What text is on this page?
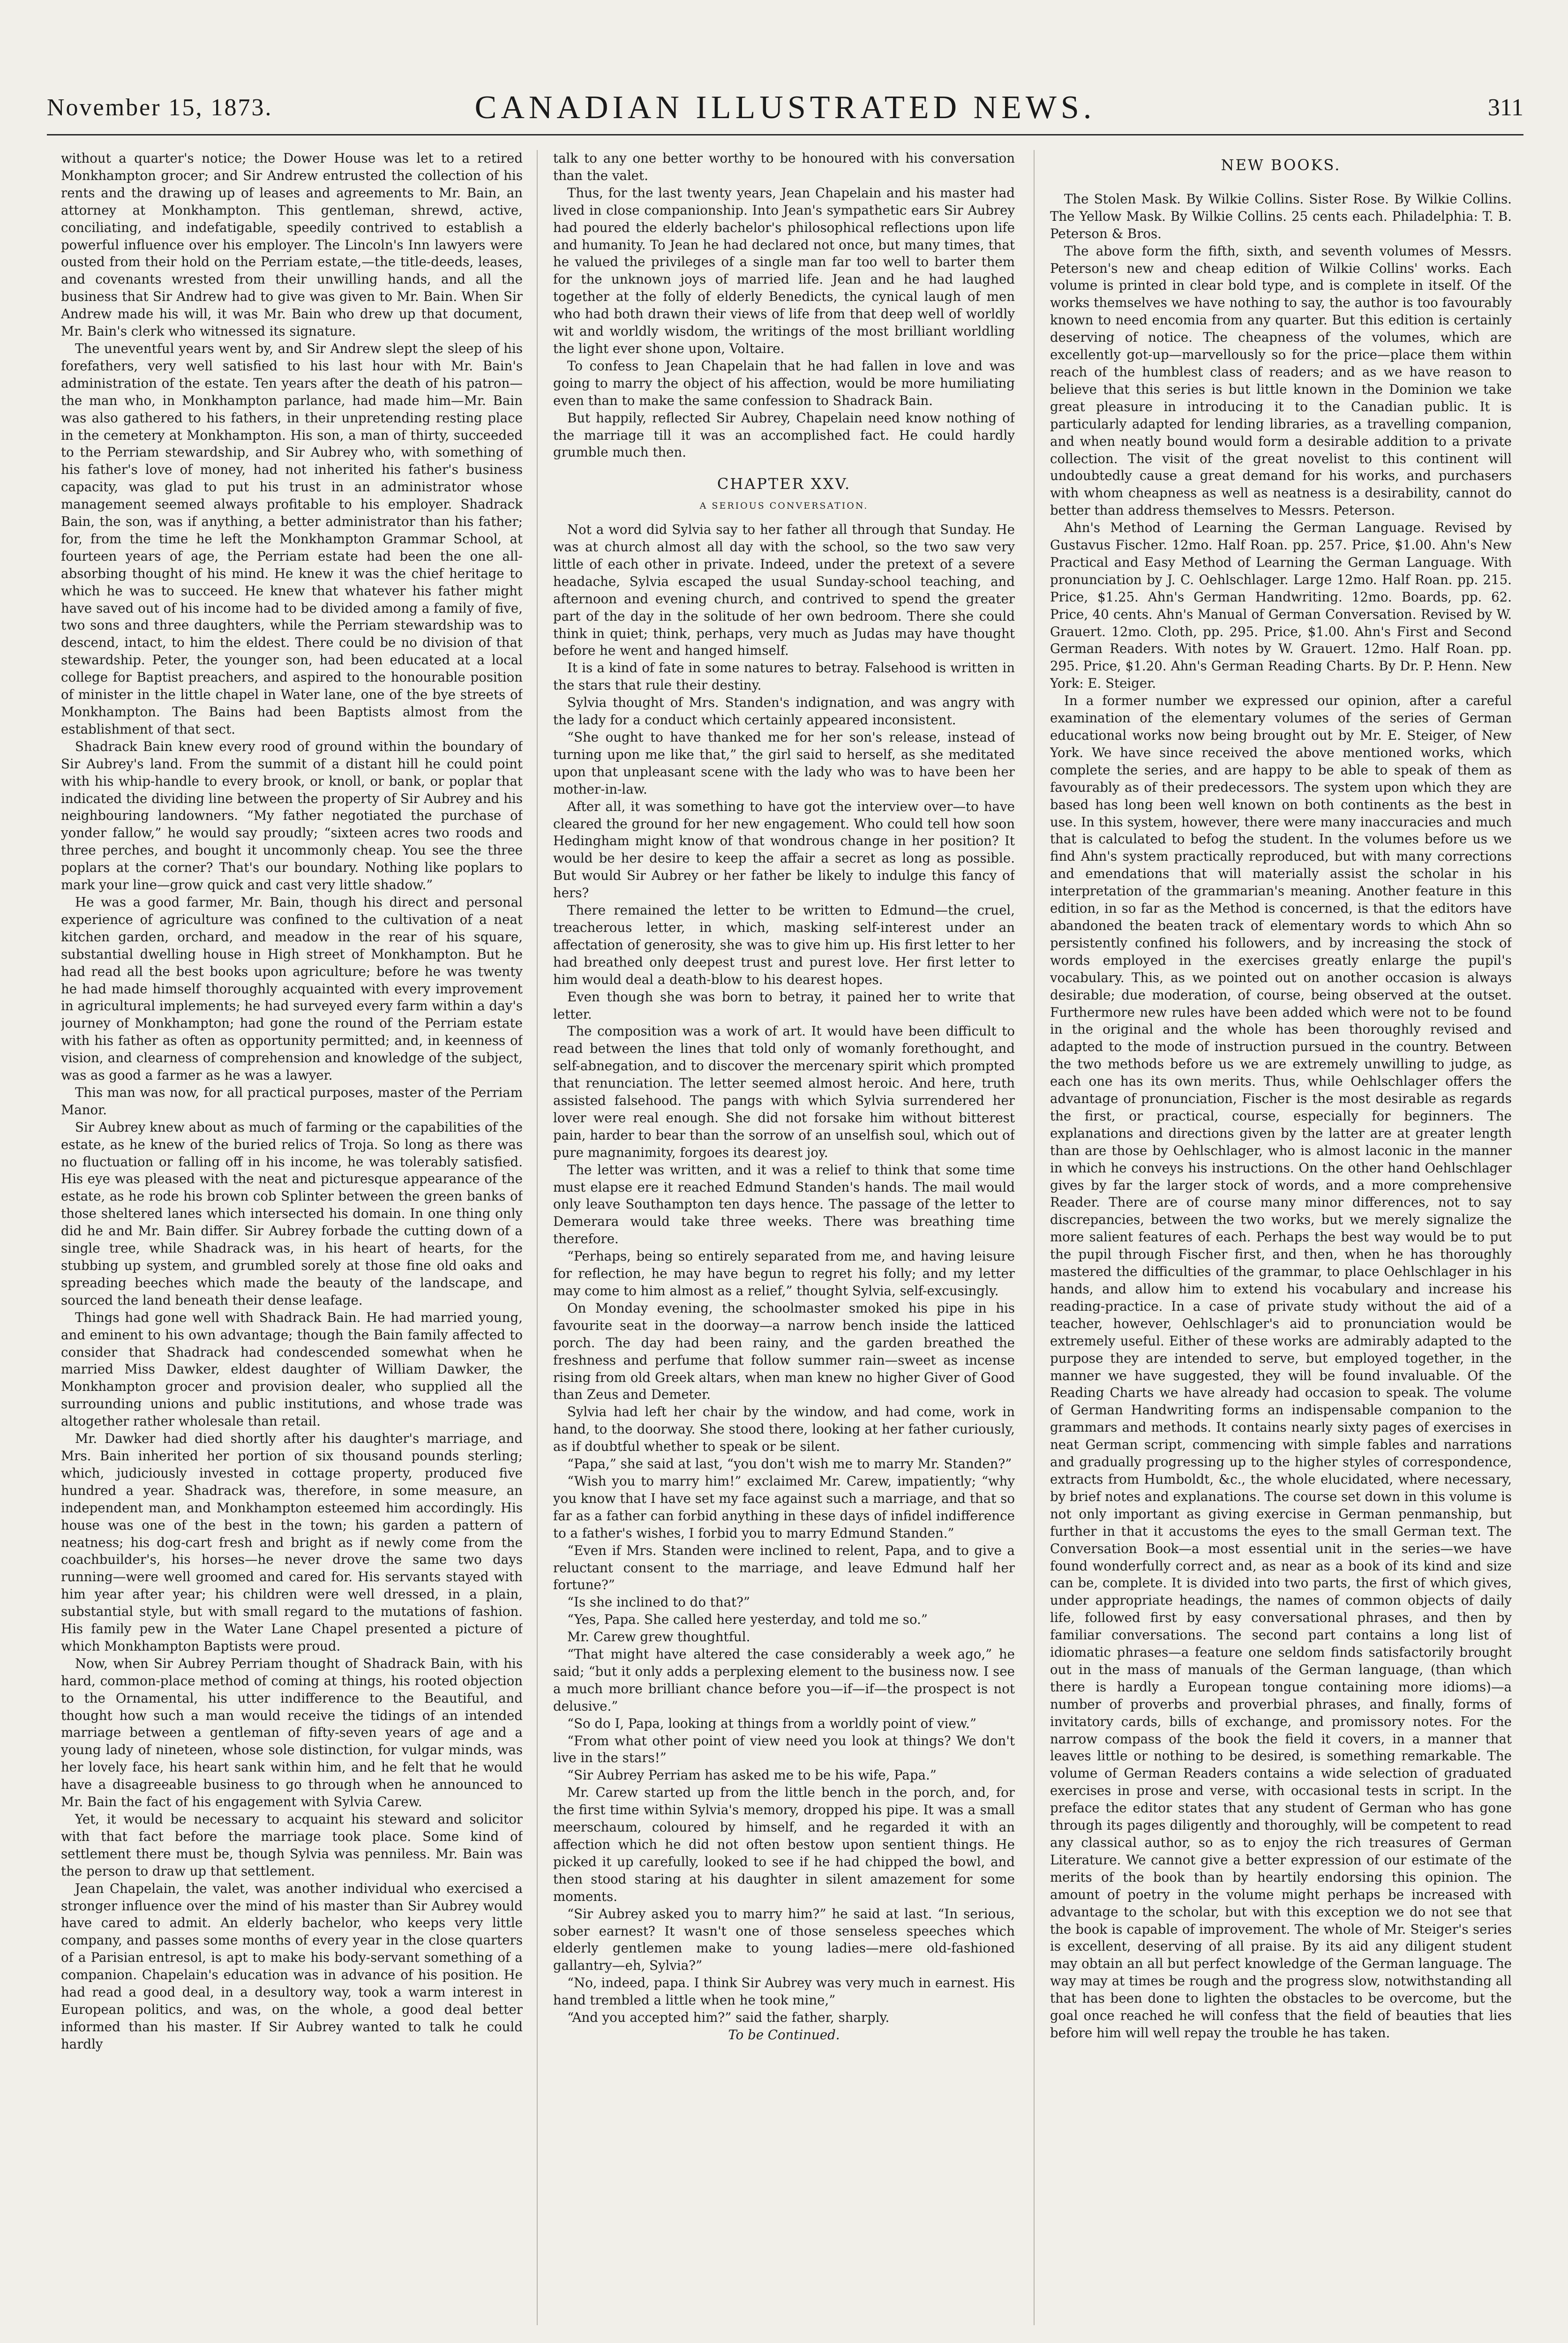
November 15, 1873.	CANADIAN ILLUSTRATED NEWS.	311

without a quarter's notice; the Dower House was let to a retired Monkhampton grocer; and Sir Andrew entrusted the collection of his rents and the drawing up of leases and agreements to Mr. Bain, an attorney at Monkhampton. This gentleman, shrewd, active, conciliating, and indefatigable, speedily contrived to establish a powerful influence over his employer. The Lincoln's Inn lawyers were ousted from their hold on the Perriam estate,—the title-deeds, leases, and covenants wrested from their unwilling hands, and all the business that Sir Andrew had to give was given to Mr. Bain. When Sir Andrew made his will, it was Mr. Bain who drew up that document, Mr. Bain's clerk who witnessed its signature.

The uneventful years went by, and Sir Andrew slept the sleep of his forefathers, very well satisfied to his last hour with Mr. Bain's administration of the estate. Ten years after the death of his patron—the man who, in Monkhampton parlance, had made him—Mr. Bain was also gathered to his fathers, in their unpretending resting place in the cemetery at Monkhampton. His son, a man of thirty, succeeded to the Perriam stewardship, and Sir Aubrey who, with something of his father's love of money, had not inherited his father's business capacity, was glad to put his trust in an administrator whose management seemed always profitable to his employer. Shadrack Bain, the son, was if anything, a better administrator than his father; for, from the time he left the Monkhampton Grammar School, at fourteen years of age, the Perriam estate had been the one all-absorbing thought of his mind. He knew it was the chief heritage to which he was to succeed. He knew that whatever his father might have saved out of his income had to be divided among a family of five, two sons and three daughters, while the Perriam stewardship was to descend, intact, to him the eldest. There could be no division of that stewardship. Peter, the younger son, had been educated at a local college for Baptist preachers, and aspired to the honourable position of minister in the little chapel in Water lane, one of the bye streets of Monkhampton. The Bains had been Baptists almost from the establishment of that sect.

Shadrack Bain knew every rood of ground within the boundary of Sir Aubrey's land. From the summit of a distant hill he could point with his whip-handle to every brook, or knoll, or bank, or poplar that indicated the dividing line between the property of Sir Aubrey and his neighbouring landowners. “My father negotiated the purchase of yonder fallow,” he would say proudly; “sixteen acres two roods and three perches, and bought it uncommonly cheap. You see the three poplars at the corner? That's our boundary. Nothing like poplars to mark your line—grow quick and cast very little shadow.”

He was a good farmer, Mr. Bain, though his direct and personal experience of agriculture was confined to the cultivation of a neat kitchen garden, orchard, and meadow in the rear of his square, substantial dwelling house in High street of Monkhampton. But he had read all the best books upon agriculture; before he was twenty he had made himself thoroughly acquainted with every improvement in agricultural implements; he had surveyed every farm within a day's journey of Monkhampton; had gone the round of the Perriam estate with his father as often as opportunity permitted; and, in keenness of vision, and clearness of comprehension and knowledge of the subject, was as good a farmer as he was a lawyer.

This man was now, for all practical purposes, master of the Perriam Manor.

Sir Aubrey knew about as much of farming or the capabilities of the estate, as he knew of the buried relics of Troja. So long as there was no fluctuation or falling off in his income, he was tolerably satisfied. His eye was pleased with the neat and picturesque appearance of the estate, as he rode his brown cob Splinter between the green banks of those sheltered lanes which intersected his domain. In one thing only did he and Mr. Bain differ. Sir Aubrey forbade the cutting down of a single tree, while Shadrack was, in his heart of hearts, for the stubbing up system, and grumbled sorely at those fine old oaks and spreading beeches which made the beauty of the landscape, and sourced the land beneath their dense leafage.

Things had gone well with Shadrack Bain. He had married young, and eminent to his own advantage; though the Bain family affected to consider that Shadrack had condescended somewhat when he married Miss Dawker, eldest daughter of William Dawker, the Monkhampton grocer and provision dealer, who supplied all the surrounding unions and public institutions, and whose trade was altogether rather wholesale than retail.

Mr. Dawker had died shortly after his daughter's marriage, and Mrs. Bain inherited her portion of six thousand pounds sterling; which, judiciously invested in cottage property, produced five hundred a year. Shadrack was, therefore, in some measure, an independent man, and Monkhampton esteemed him accordingly. His house was one of the best in the town; his garden a pattern of neatness; his dog-cart fresh and bright as if newly come from the coachbuilder's, his horses—he never drove the same two days running—were well groomed and cared for. His servants stayed with him year after year; his children were well dressed, in a plain, substantial style, but with small regard to the mutations of fashion. His family pew in the Water Lane Chapel presented a picture of which Monkhampton Baptists were proud.

Now, when Sir Aubrey Perriam thought of Shadrack Bain, with his hard, common-place method of coming at things, his rooted objection to the Ornamental, his utter indifference to the Beautiful, and thought how such a man would receive the tidings of an intended marriage between a gentleman of fifty-seven years of age and a young lady of nineteen, whose sole distinction, for vulgar minds, was her lovely face, his heart sank within him, and he felt that he would have a disagreeable business to go through when he announced to Mr. Bain the fact of his engagement with Sylvia Carew.

Yet, it would be necessary to acquaint his steward and solicitor with that fact before the marriage took place. Some kind of settlement there must be, though Sylvia was penniless. Mr. Bain was the person to draw up that settlement.

Jean Chapelain, the valet, was another individual who exercised a stronger influence over the mind of his master than Sir Aubrey would have cared to admit. An elderly bachelor, who keeps very little company, and passes some months of every year in the close quarters of a Parisian entresol, is apt to make his body-servant something of a companion. Chapelain's education was in advance of his position. He had read a good deal, in a desultory way, took a warm interest in European politics, and was, on the whole, a good deal better informed than his master. If Sir Aubrey wanted to talk he could hardly

talk to any one better worthy to be honoured with his conversation than the valet.

Thus, for the last twenty years, Jean Chapelain and his master had lived in close companionship. Into Jean's sympathetic ears Sir Aubrey had poured the elderly bachelor's philosophical reflections upon life and humanity. To Jean he had declared not once, but many times, that he valued the privileges of a single man far too well to barter them for the unknown joys of married life. Jean and he had laughed together at the folly of elderly Benedicts, the cynical laugh of men who had both drawn their views of life from that deep well of worldly wit and worldly wisdom, the writings of the most brilliant worldling the light ever shone upon, Voltaire.

To confess to Jean Chapelain that he had fallen in love and was going to marry the object of his affection, would be more humiliating even than to make the same confession to Shadrack Bain.

But happily, reflected Sir Aubrey, Chapelain need know nothing of the marriage till it was an accomplished fact. He could hardly grumble much then.

CHAPTER XXV.
A SERIOUS CONVERSATION.

Not a word did Sylvia say to her father all through that Sunday. He was at church almost all day with the school, so the two saw very little of each other in private. Indeed, under the pretext of a severe headache, Sylvia escaped the usual Sunday-school teaching, and afternoon and evening church, and contrived to spend the greater part of the day in the solitude of her own bedroom. There she could think in quiet; think, perhaps, very much as Judas may have thought before he went and hanged himself.

It is a kind of fate in some natures to betray. Falsehood is written in the stars that rule their destiny.

Sylvia thought of Mrs. Standen's indignation, and was angry with the lady for a conduct which certainly appeared inconsistent.

“She ought to have thanked me for her son's release, instead of turning upon me like that,” the girl said to herself, as she meditated upon that unpleasant scene with the lady who was to have been her mother-in-law.

After all, it was something to have got the interview over—to have cleared the ground for her new engagement. Who could tell how soon Hedingham might know of that wondrous change in her position? It would be her desire to keep the affair a secret as long as possible. But would Sir Aubrey or her father be likely to indulge this fancy of hers?

There remained the letter to be written to Edmund—the cruel, treacherous letter, in which, masking self-interest under an affectation of generosity, she was to give him up. His first letter to her had breathed only deepest trust and purest love. Her first letter to him would deal a death-blow to his dearest hopes.

Even though she was born to betray, it pained her to write that letter.

The composition was a work of art. It would have been difficult to read between the lines that told only of womanly forethought, and self-abnegation, and to discover the mercenary spirit which prompted that renunciation. The letter seemed almost heroic. And here, truth assisted falsehood. The pangs with which Sylvia surrendered her lover were real enough. She did not forsake him without bitterest pain, harder to bear than the sorrow of an unselfish soul, which out of pure magnanimity, forgoes its dearest joy.

The letter was written, and it was a relief to think that some time must elapse ere it reached Edmund Standen's hands. The mail would only leave Southampton ten days hence. The passage of the letter to Demerara would take three weeks. There was breathing time therefore.

“Perhaps, being so entirely separated from me, and having leisure for reflection, he may have begun to regret his folly; and my letter may come to him almost as a relief,” thought Sylvia, self-excusingly.

On Monday evening, the schoolmaster smoked his pipe in his favourite seat in the doorway—a narrow bench inside the latticed porch. The day had been rainy, and the garden breathed the freshness and perfume that follow summer rain—sweet as incense rising from old Greek altars, when man knew no higher Giver of Good than Zeus and Demeter.

Sylvia had left her chair by the window, and had come, work in hand, to the doorway. She stood there, looking at her father curiously, as if doubtful whether to speak or be silent.

“Papa,” she said at last, “you don't wish me to marry Mr. Standen?”

“Wish you to marry him!” exclaimed Mr. Carew, impatiently; “why you know that I have set my face against such a marriage, and that so far as a father can forbid anything in these days of infidel indifference to a father's wishes, I forbid you to marry Edmund Standen.”

“Even if Mrs. Standen were inclined to relent, Papa, and to give a reluctant consent to the marriage, and leave Edmund half her fortune?”

“Is she inclined to do that?”

“Yes, Papa. She called here yesterday, and told me so.”

Mr. Carew grew thoughtful.

“That might have altered the case considerably a week ago,” he said; “but it only adds a perplexing element to the business now. I see a much more brilliant chance before you—if—if—the prospect is not delusive.”

“So do I, Papa, looking at things from a worldly point of view.”

“From what other point of view need you look at things? We don't live in the stars!”

“Sir Aubrey Perriam has asked me to be his wife, Papa.”

Mr. Carew started up from the little bench in the porch, and, for the first time within Sylvia's memory, dropped his pipe. It was a small meerschaum, coloured by himself, and he regarded it with an affection which he did not often bestow upon sentient things. He picked it up carefully, looked to see if he had chipped the bowl, and then stood staring at his daughter in silent amazement for some moments.

“Sir Aubrey asked you to marry him?” he said at last. “In serious, sober earnest? It wasn't one of those senseless speeches which elderly gentlemen make to young ladies—mere old-fashioned gallantry—eh, Sylvia?”

“No, indeed, papa. I think Sir Aubrey was very much in earnest. His hand trembled a little when he took mine,”

“And you accepted him?” said the father, sharply.

To be Continued.

NEW BOOKS.

The Stolen Mask. By Wilkie Collins. Sister Rose. By Wilkie Collins. The Yellow Mask. By Wilkie Collins. 25 cents each. Philadelphia: T. B. Peterson & Bros.

The above form the fifth, sixth, and seventh volumes of Messrs. Peterson's new and cheap edition of Wilkie Collins' works. Each volume is printed in clear bold type, and is complete in itself. Of the works themselves we have nothing to say, the author is too favourably known to need encomia from any quarter. But this edition is certainly deserving of notice. The cheapness of the volumes, which are excellently got-up—marvellously so for the price—place them within reach of the humblest class of readers; and as we have reason to believe that this series is but little known in the Dominion we take great pleasure in introducing it to the Canadian public. It is particularly adapted for lending libraries, as a travelling companion, and when neatly bound would form a desirable addition to a private collection. The visit of the great novelist to this continent will undoubtedly cause a great demand for his works, and purchasers with whom cheapness as well as neatness is a desirability, cannot do better than address themselves to Messrs. Peterson.

Ahn's Method of Learning the German Language. Revised by Gustavus Fischer. 12mo. Half Roan. pp. 257. Price, $1.00. Ahn's New Practical and Easy Method of Learning the German Language. With pronunciation by J. C. Oehlschlager. Large 12mo. Half Roan. pp. 215. Price, $1.25. Ahn's German Handwriting. 12mo. Boards, pp. 62. Price, 40 cents. Ahn's Manual of German Conversation. Revised by W. Grauert. 12mo. Cloth, pp. 295. Price, $1.00. Ahn's First and Second German Readers. With notes by W. Grauert. 12mo. Half Roan. pp. 295. Price, $1.20. Ahn's German Reading Charts. By Dr. P. Henn. New York: E. Steiger.

In a former number we expressed our opinion, after a careful examination of the elementary volumes of the series of German educational works now being brought out by Mr. E. Steiger, of New York. We have since received the above mentioned works, which complete the series, and are happy to be able to speak of them as favourably as of their predecessors. The system upon which they are based has long been well known on both continents as the best in use. In this system, however, there were many inaccuracies and much that is calculated to befog the student. In the volumes before us we find Ahn's system practically reproduced, but with many corrections and emendations that will materially assist the scholar in his interpretation of the grammarian's meaning. Another feature in this edition, in so far as the Method is concerned, is that the editors have abandoned the beaten track of elementary words to which Ahn so persistently confined his followers, and by increasing the stock of words employed in the exercises greatly enlarge the pupil's vocabulary. This, as we pointed out on another occasion is always desirable; due moderation, of course, being observed at the outset. Furthermore new rules have been added which were not to be found in the original and the whole has been thoroughly revised and adapted to the mode of instruction pursued in the country. Between the two methods before us we are extremely unwilling to judge, as each one has its own merits. Thus, while Oehlschlager offers the advantage of pronunciation, Fischer is the most desirable as regards the first, or practical, course, especially for beginners. The explanations and directions given by the latter are at greater length than are those by Oehlschlager, who is almost laconic in the manner in which he conveys his instructions. On the other hand Oehlschlager gives by far the larger stock of words, and a more comprehensive Reader. There are of course many minor differences, not to say discrepancies, between the two works, but we merely signalize the more salient features of each. Perhaps the best way would be to put the pupil through Fischer first, and then, when he has thoroughly mastered the difficulties of the grammar, to place Oehlschlager in his hands, and allow him to extend his vocabulary and increase his reading-practice. In a case of private study without the aid of a teacher, however, Oehlschlager's aid to pronunciation would be extremely useful. Either of these works are admirably adapted to the purpose they are intended to serve, but employed together, in the manner we have suggested, they will be found invaluable. Of the Reading Charts we have already had occasion to speak. The volume of German Handwriting forms an indispensable companion to the grammars and methods. It contains nearly sixty pages of exercises in neat German script, commencing with simple fables and narrations and gradually progressing up to the higher styles of correspondence, extracts from Humboldt, &c., the whole elucidated, where necessary, by brief notes and explanations. The course set down in this volume is not only important as giving exercise in German penmanship, but further in that it accustoms the eyes to the small German text. The Conversation Book—a most essential unit in the series—we have found wonderfully correct and, as near as a book of its kind and size can be, complete. It is divided into two parts, the first of which gives, under appropriate headings, the names of common objects of daily life, followed first by easy conversational phrases, and then by familiar conversations. The second part contains a long list of idiomatic phrases—a feature one seldom finds satisfactorily brought out in the mass of manuals of the German language, (than which there is hardly a European tongue containing more idioms)—a number of proverbs and proverbial phrases, and finally, forms of invitatory cards, bills of exchange, and promissory notes. For the narrow compass of the book the field it covers, in a manner that leaves little or nothing to be desired, is something remarkable. The volume of German Readers contains a wide selection of graduated exercises in prose and verse, with occasional tests in script. In the preface the editor states that any student of German who has gone through its pages diligently and thoroughly, will be competent to read any classical author, so as to enjoy the rich treasures of German Literature. We cannot give a better expression of our estimate of the merits of the book than by heartily endorsing this opinion. The amount of poetry in the volume might perhaps be increased with advantage to the scholar, but with this exception we do not see that the book is capable of improvement. The whole of Mr. Steiger's series is excellent, deserving of all praise. By its aid any diligent student may obtain an all but perfect knowledge of the German language. The way may at times be rough and the progress slow, notwithstanding all that has been done to lighten the obstacles to be overcome, but the goal once reached he will confess that the field of beauties that lies before him will well repay the trouble he has taken.
